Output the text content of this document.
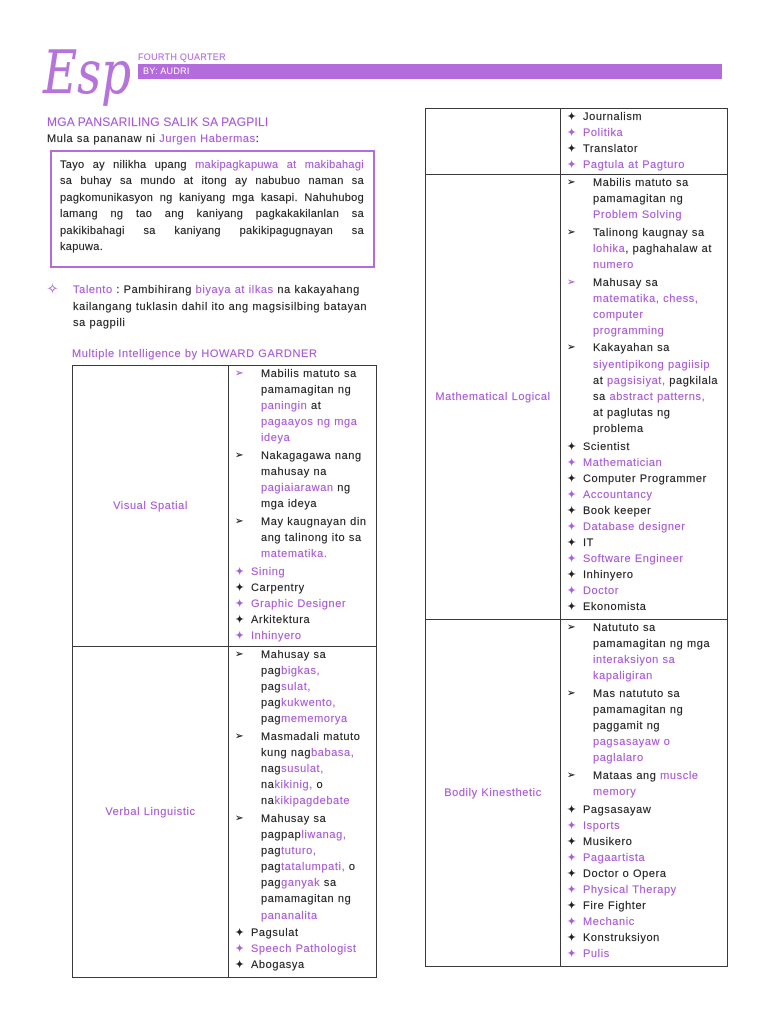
Esp FOURTH QUARTER
BY: AUDRI
MGA PANSARILING SALIK SA PAGPILI
Mula sa pananaw ni Jurgen Habermas:
Tayo ay nilikha upang makipagkapuwa at makibahagi
sa buhay sa mundo at itong ay nabubuo naman sa
pagkomunikasyon ng kaniyang mga kasapi. Nahuhubog
lamang ng tao ang kaniyang pagkakakilanlan sa
pakikibahagi sa kaniyang pakikipagugnayan sa
kapuwa.
✧ Talento : Pambihirang biyaya at ilkas na kakayahang
kailangang tuklasin dahil ito ang magsisilbing batayan
sa pagpili
Multiple Intelligence by HOWARD GARDNER
Visual Spatial
➢ Mabilis matuto sa
pamamagitan ng
paningin at
pagaayos ng mga
ideya
➢ Nakagagawa nang
mahusay na
pagiaiarawan ng
mga ideya
➢ May kaugnayan din
ang talinong ito sa
matematika.
✦ Sining
✦ Carpentry
✦ Graphic Designer
✦ Arkitektura
✦ Inhinyero
Verbal Linguistic
➢ Mahusay sa
pagbigkas,
pagsulat,
pagkukwento,
pagmememorya
➢ Masmadali matuto
kung nagbabasa,
nagsusulat,
nakikinig, o
nakikipagdebate
➢ Mahusay sa
pagpapliwanag,
pagtuturo,
pagtatalumpati, o
pagganyak sa
pamamagitan ng
pananalita
✦ Pagsulat
✦ Speech Pathologist
✦ Abogasya
✦ Journalism
✦ Politika
✦ Translator
✦ Pagtula at Pagturo
Mathematical Logical
➢ Mabilis matuto sa
pamamagitan ng
Problem Solving
➢ Talinong kaugnay sa
lohika, paghahalaw at
numero
➢ Mahusay sa
matematika, chess,
computer
programming
➢ Kakayahan sa
siyentipikong pagiisip
at pagsisiyat, pagkilala
sa abstract patterns,
at paglutas ng
problema
✦ Scientist
✦ Mathematician
✦ Computer Programmer
✦ Accountancy
✦ Book keeper
✦ Database designer
✦ IT
✦ Software Engineer
✦ Inhinyero
✦ Doctor
✦ Ekonomista
Bodily Kinesthetic
➢ Natututo sa
pamamagitan ng mga
interaksiyon sa
kapaligiran
➢ Mas natututo sa
pamamagitan ng
paggamit ng
pagsasayaw o
paglalaro
➢ Mataas ang muscle
memory
✦ Pagsasayaw
✦ Isports
✦ Musikero
✦ Pagaartista
✦ Doctor o Opera
✦ Physical Therapy
✦ Fire Fighter
✦ Mechanic
✦ Konstruksiyon
✦ Pulis
